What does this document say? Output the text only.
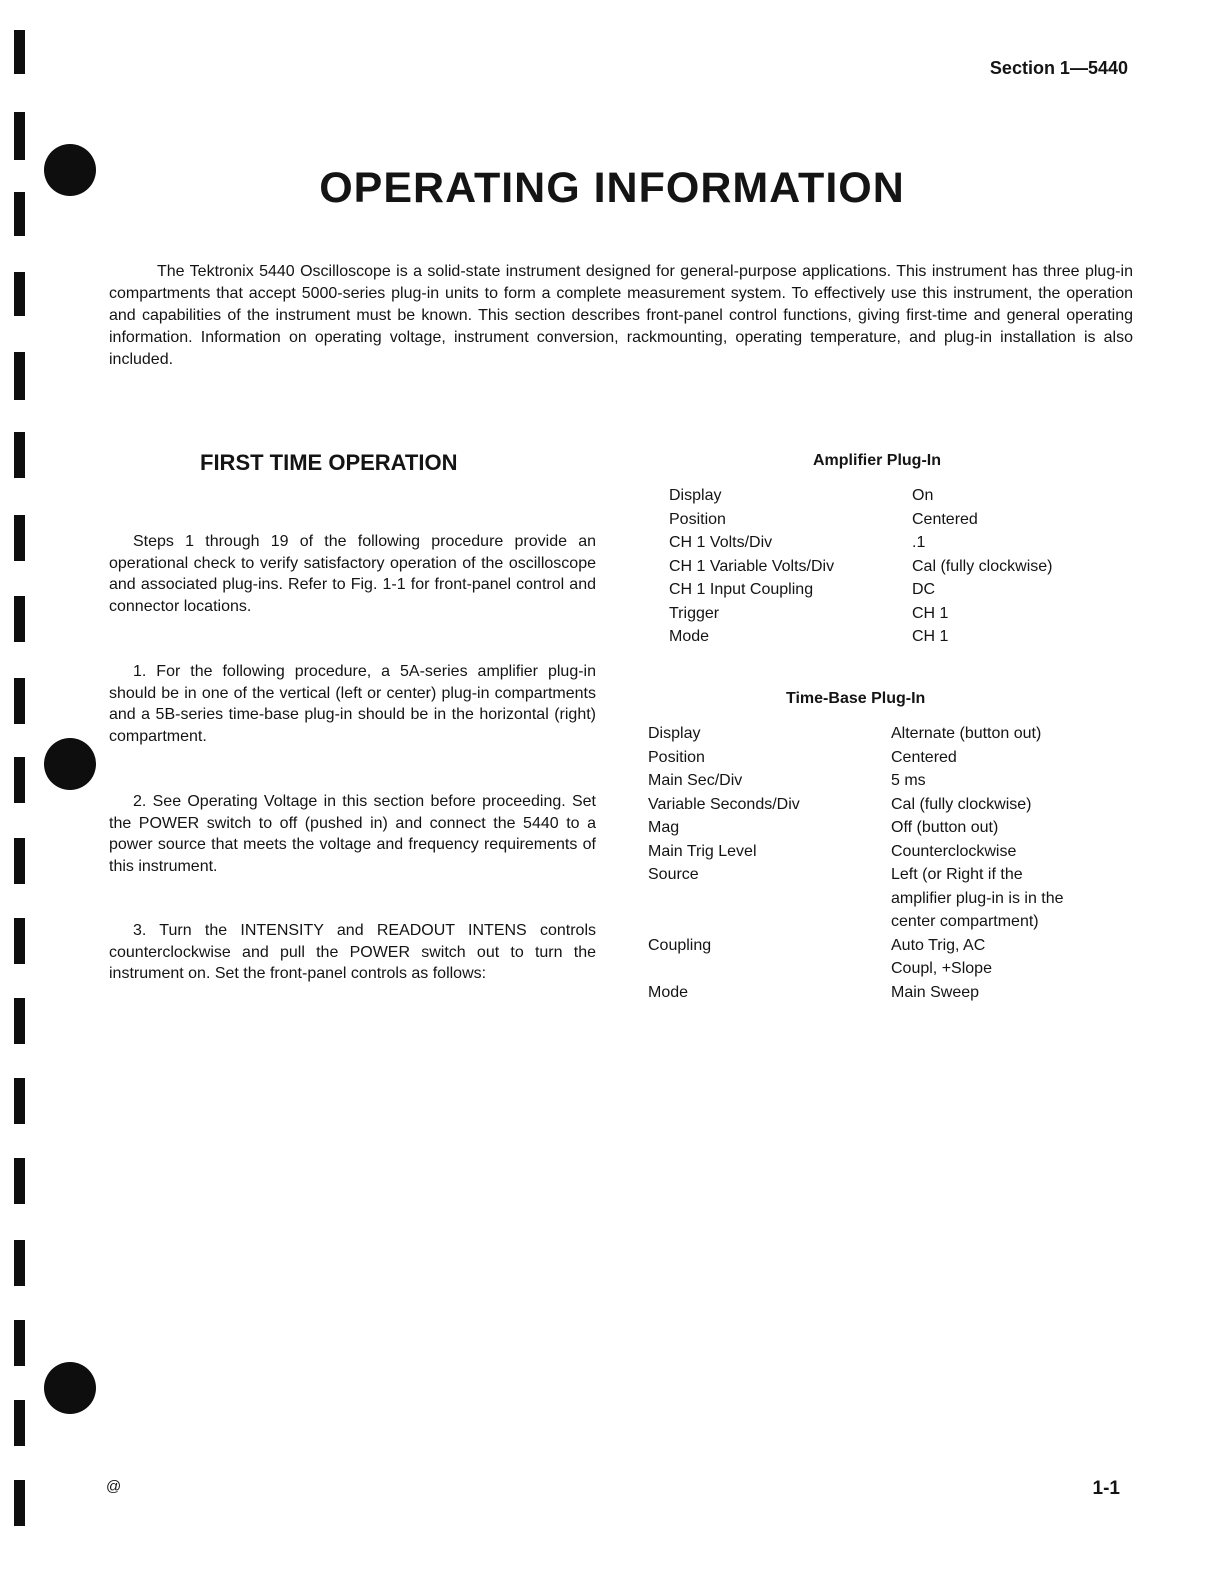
Section 1—5440
OPERATING INFORMATION
The Tektronix 5440 Oscilloscope is a solid-state instrument designed for general-purpose applications. This instrument has three plug-in compartments that accept 5000-series plug-in units to form a complete measurement system. To effectively use this instrument, the operation and capabilities of the instrument must be known. This section describes front-panel control functions, giving first-time and general operating information. Information on operating voltage, instrument conversion, rackmounting, operating temperature, and plug-in installation is also included.
FIRST TIME OPERATION
Steps 1 through 19 of the following procedure provide an operational check to verify satisfactory operation of the oscilloscope and associated plug-ins. Refer to Fig. 1-1 for front-panel control and connector locations.
1. For the following procedure, a 5A-series amplifier plug-in should be in one of the vertical (left or center) plug-in compartments and a 5B-series time-base plug-in should be in the horizontal (right) compartment.
2. See Operating Voltage in this section before proceeding. Set the POWER switch to off (pushed in) and connect the 5440 to a power source that meets the voltage and frequency requirements of this instrument.
3. Turn the INTENSITY and READOUT INTENS controls counterclockwise and pull the POWER switch out to turn the instrument on. Set the front-panel controls as follows:
Amplifier Plug-In
Display	On
Position	Centered
CH 1 Volts/Div	.1
CH 1 Variable Volts/Div	Cal (fully clockwise)
CH 1 Input Coupling	DC
Trigger	CH 1
Mode	CH 1
Time-Base Plug-In
Display	Alternate (button out)
Position	Centered
Main Sec/Div	5 ms
Variable Seconds/Div	Cal (fully clockwise)
Mag	Off (button out)
Main Trig Level	Counterclockwise
Source	Left (or Right if the
amplifier plug-in is in the
center compartment)
Coupling	Auto Trig, AC
Coupl, +Slope
Mode	Main Sweep
@	1-1
